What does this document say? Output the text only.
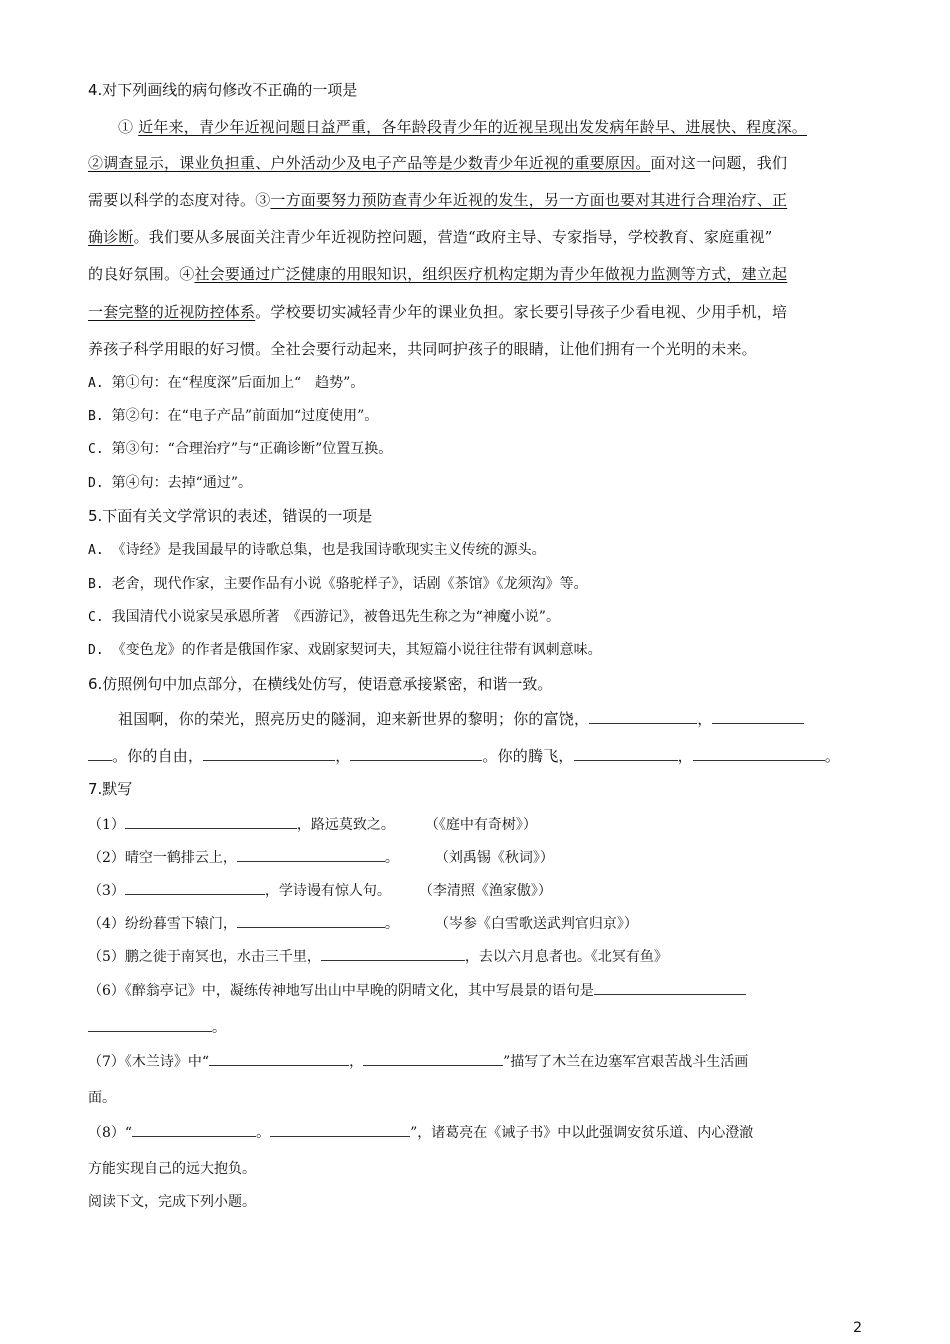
4.对下列画线的病句修改不正确的一项是
① 近年来，青少年近视问题日益严重，各年龄段青少年的近视呈现出发发病年龄早、进展快、程度深。
②调查显示，课业负担重、户外活动少及电子产品等是少数青少年近视的重要原因。面对这一问题，我们
需要以科学的态度对待。③一方面要努力预防查青少年近视的发生，另一方面也要对其进行合理治疗、正
确诊断。我们要从多展面关注青少年近视防控问题，营造“政府主导、专家指导，学校教育、家庭重视”
的良好氛围。④社会要通过广泛健康的用眼知识，组织医疗机构定期为青少年做视力监测等方式，建立起
一套完整的近视防控体系。学校要切实减轻青少年的课业负担。家长要引导孩子少看电视、少用手机，培
养孩子科学用眼的好习惯。全社会要行动起来，共同呵护孩子的眼睛，让他们拥有一个光明的未来。
A. 第①句：在“程度深”后面加上“　趋势”。
B. 第②句：在“电子产品”前面加“过度使用”。
C. 第③句：“合理治疗”与“正确诊断”位置互换。
D. 第④句：去掉“通过”。
5.下面有关文学常识的表述，错误的一项是
A. 《诗经》是我国最早的诗歌总集，也是我国诗歌现实主义传统的源头。
B. 老舍，现代作家，主要作品有小说《骆驼样子》，话剧《茶馆》《龙须沟》等。
C. 我国清代小说家吴承恩所著　《西游记》，被鲁迅先生称之为“神魔小说”。
D. 《变色龙》的作者是俄国作家、戏剧家契诃夫，其短篇小说往往带有讽刺意味。
6.仿照例句中加点部分，在横线处仿写，使语意承接紧密，和谐一致。
祖国啊，你的荣光，照亮历史的隧洞，迎来新世界的黎明；你的富饶，	，
。你的自由，	，	。你的腾飞，	，	。
7.默写
（1）	，路远莫致之。 （《庭中有奇树》）
（2）晴空一鹤排云上，	。	（刘禹锡《秋词》）
（3）	，学诗谩有惊人句。 （李清照《渔家傲》）
（4）纷纷暮雪下辕门，	。	（岑参《白雪歌送武判官归京》）
（5）鹏之徙于南冥也，水击三千里，	，去以六月息者也。《北冥有鱼》
（6）《醉翁亭记》中，凝练传神地写出山中早晚的阴晴文化，其中写晨景的语句是
。
（7）《木兰诗》中“	，	”描写了木兰在边塞军宫艰苦战斗生活画
面。
（8）“	。	”，诸葛亮在《诫子书》中以此强调安贫乐道、内心澄澈
方能实现自己的远大抱负。
阅读下文，完成下列小题。
2
